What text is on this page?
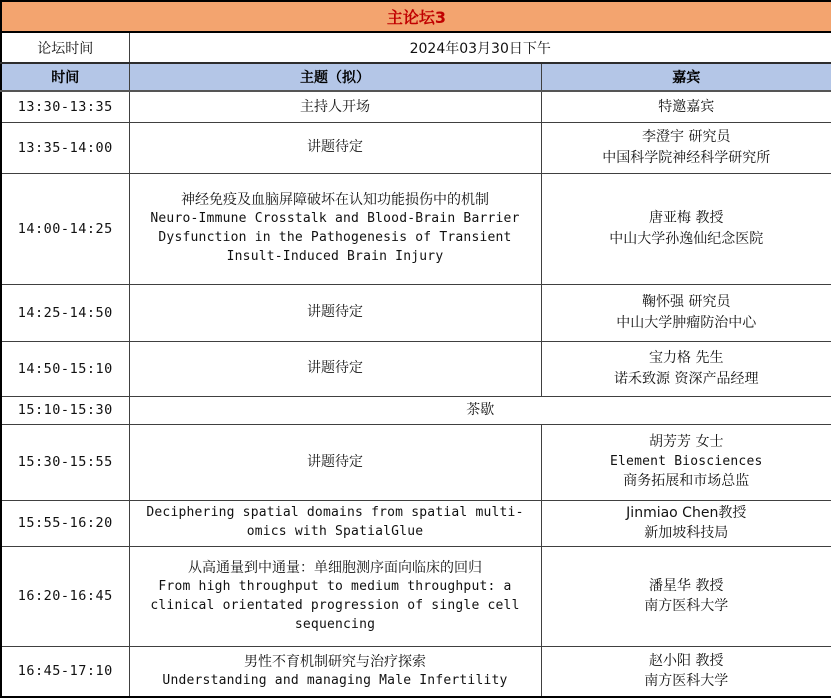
主论坛3		
论坛时间	2024年03月30日下午	
时间	主题（拟）	嘉宾
13:30-13:35	主持人开场	特邀嘉宾

13:35-14:00	讲题待定	李澄宇 研究员
中国科学院神经科学研究所

14:00-14:25	神经免疫及血脑屏障破坏在认知功能损伤中的机制
Neuro-Immune Crosstalk and Blood-Brain Barrier
Dysfunction in the Pathogenesis of Transient
Insult-Induced Brain Injury	唐亚梅 教授
中山大学孙逸仙纪念医院

14:25-14:50	讲题待定	鞠怀强 研究员
中山大学肿瘤防治中心

14:50-15:10	讲题待定	宝力格 先生
诺禾致源 资深产品经理

15:10-15:30	茶歇	

15:30-15:55	讲题待定	胡芳芳 女士
Element Biosciences
商务拓展和市场总监

15:55-16:20	Deciphering spatial domains from spatial multi-
omics with SpatialGlue	Jinmiao Chen教授
新加坡科技局

16:20-16:45	从高通量到中通量：单细胞测序面向临床的回归
From high throughput to medium throughput: a
clinical orientated progression of single cell
sequencing	潘星华 教授
南方医科大学

16:45-17:10	男性不育机制研究与治疗探索
Understanding and managing Male Infertility	赵小阳 教授
南方医科大学
